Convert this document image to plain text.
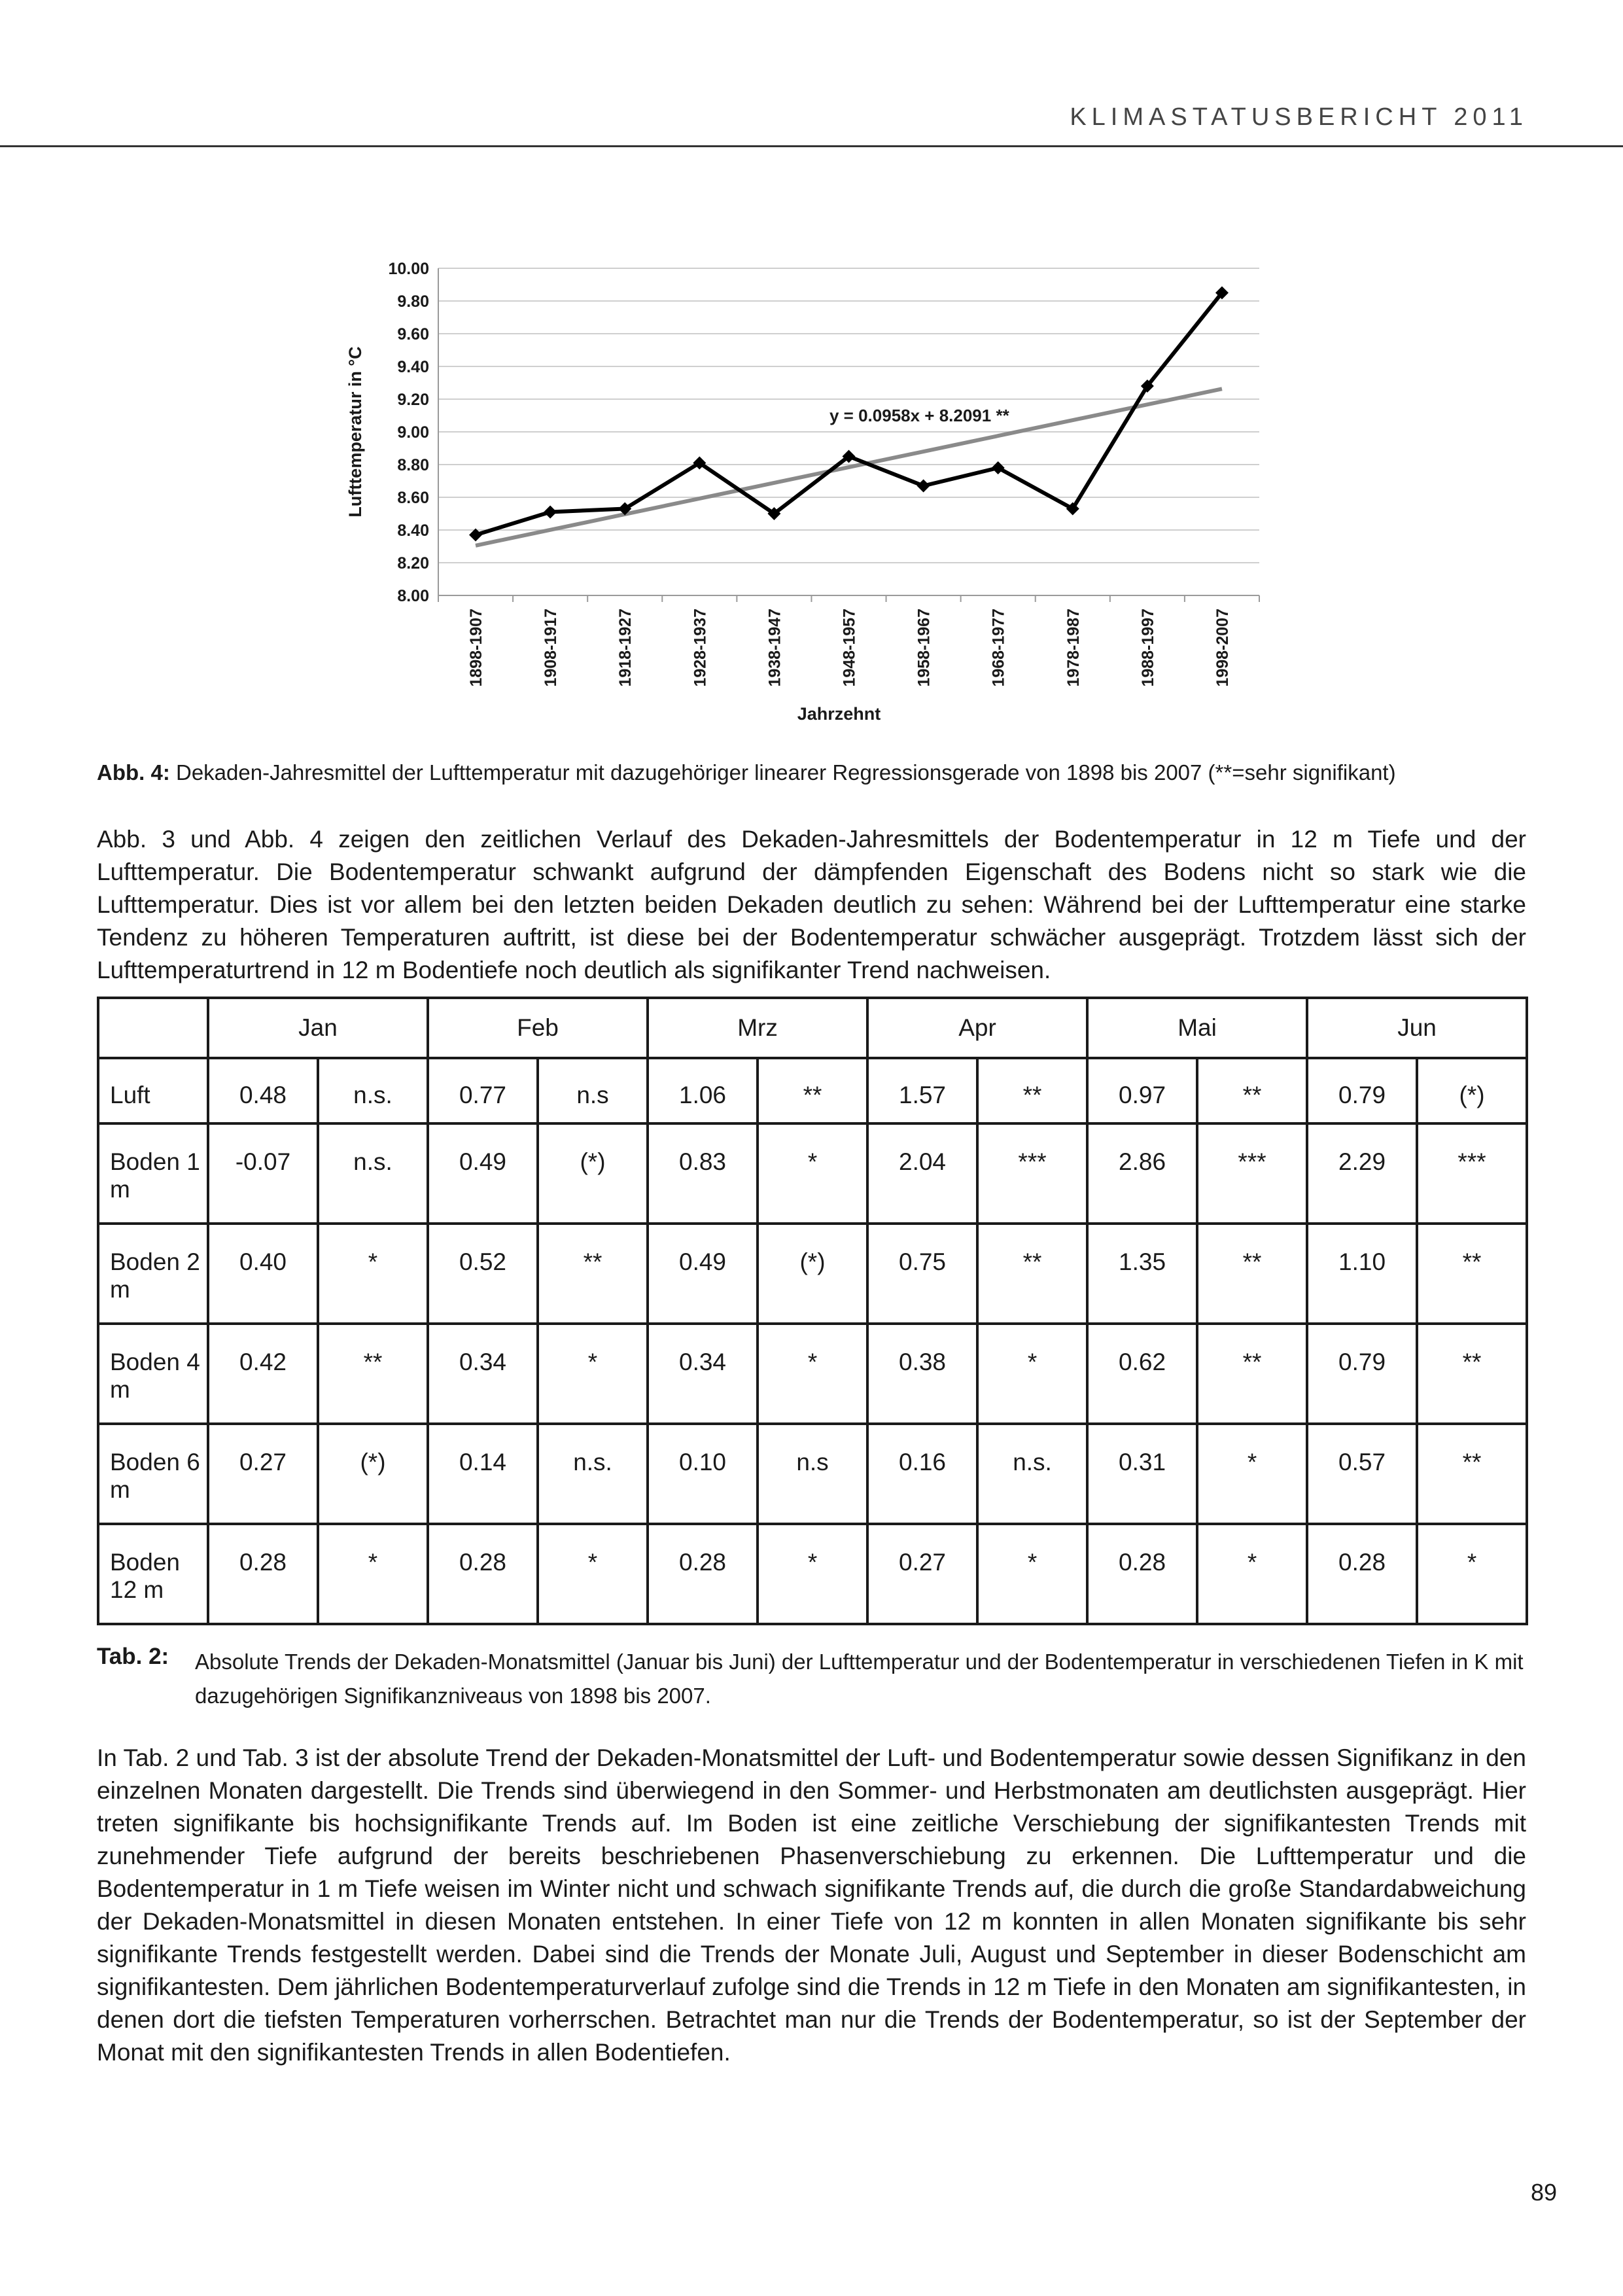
KLIMASTATUSBERICHT 2011
8.00
8.20
8.40
8.60
8.80
9.00
9.20
9.40
9.60
9.80
10.00
1898-1907	1908-1917	1918-1927	1928-1937	1938-1947	1948-1957	1958-1967	1968-1977	1978-1987	1988-1997	1998-2007
Jahrzehnt
Lufttemperatur in °C	y = 0.0958x + 8.2091 **
Abb. 4: Dekaden-Jahresmittel der Lufttemperatur mit dazugehöriger linearer Regressionsgerade von 1898 bis 2007 (**=sehr signifikant)
Abb. 3 und Abb. 4 zeigen den zeitlichen Verlauf des Dekaden-Jahresmittels der Bodentemperatur in 12 m Tiefe und der Lufttemperatur. Die Bodentemperatur schwankt aufgrund der dämpfenden Eigenschaft des Bodens nicht so stark wie die Lufttemperatur. Dies ist vor allem bei den letzten beiden Dekaden deutlich zu sehen: Während bei der Lufttemperatur eine starke Tendenz zu höheren Temperaturen auftritt, ist diese bei der Bodentemperatur schwächer ausgeprägt. Trotzdem lässt sich der Lufttemperaturtrend in 12 m Bodentiefe noch deutlich als signifikanter Trend nachweisen.
	Jan		Feb		Mrz		Apr		Mai		Jun	
Luft	0.48	n.s.	0.77	n.s	1.06	**	1.57	**	0.97	**	0.79	(*)
Boden 1 m	-0.07	n.s.	0.49	(*)	0.83	*	2.04	***	2.86	***	2.29	***
Boden 2 m	0.40	*	0.52	**	0.49	(*)	0.75	**	1.35	**	1.10	**
Boden 4 m	0.42	**	0.34	*	0.34	*	0.38	*	0.62	**	0.79	**
Boden 6 m	0.27	(*)	0.14	n.s.	0.10	n.s	0.16	n.s.	0.31	*	0.57	**
Boden 12 m	0.28	*	0.28	*	0.28	*	0.27	*	0.28	*	0.28	*
Tab. 2: Absolute Trends der Dekaden-Monatsmittel (Januar bis Juni) der Lufttemperatur und der Bodentemperatur in verschiedenen Tiefen in K mit dazugehörigen Signifikanzniveaus von 1898 bis 2007.
In Tab. 2 und Tab. 3 ist der absolute Trend der Dekaden-Monatsmittel der Luft- und Bodentemperatur sowie dessen Signifikanz in den einzelnen Monaten dargestellt. Die Trends sind überwiegend in den Sommer- und Herbstmonaten am deutlichsten ausgeprägt. Hier treten signifikante bis hochsignifikante Trends auf. Im Boden ist eine zeitliche Verschiebung der signifikantesten Trends mit zunehmender Tiefe aufgrund der bereits beschriebenen Phasenverschiebung zu erkennen. Die Lufttemperatur und die Bodentemperatur in 1 m Tiefe weisen im Winter nicht und schwach signifikante Trends auf, die durch die große Standardabweichung der Dekaden-Monatsmittel in diesen Monaten entstehen. In einer Tiefe von 12 m konnten in allen Monaten signifikante bis sehr signifikante Trends festgestellt werden. Dabei sind die Trends der Monate Juli, August und September in dieser Bodenschicht am signifikantesten. Dem jährlichen Bodentemperaturverlauf zufolge sind die Trends in 12 m Tiefe in den Monaten am signifikantesten, in denen dort die tiefsten Temperaturen vorherrschen. Betrachtet man nur die Trends der Bodentemperatur, so ist der September der Monat mit den signifikantesten Trends in allen Bodentiefen.
89
